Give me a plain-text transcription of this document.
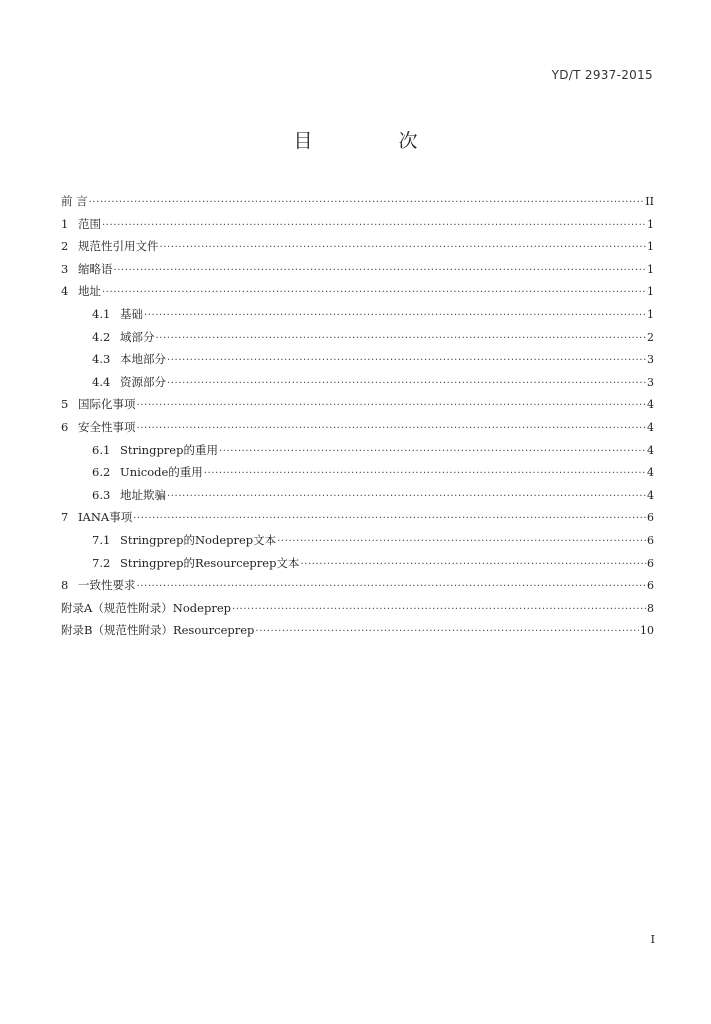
YD/T 2937-2015
目 次
前 言 ·····	II
1 范围 ·····	1
2 规范性引用文件 ·····	1
3 缩略语 ·····	1
4 地址 ·····	1
4.1 基础 ·····	1
4.2 域部分 ·····	2
4.3 本地部分 ·····	3
4.4 资源部分 ·····	3
5 国际化事项 ·····	4
6 安全性事项 ·····	4
6.1 Stringprep的重用 ·····	4
6.2 Unicode的重用 ·····	4
6.3 地址欺骗 ·····	4
7 IANA事项 ·····	6
7.1 Stringprep的Nodeprep文本 ·····	6
7.2 Stringprep的Resourceprep文本 ·····	6
8 一致性要求 ·····	6
附录A（规范性附录）Nodeprep ·····	8
附录B（规范性附录）Resourceprep ·····	10
I
